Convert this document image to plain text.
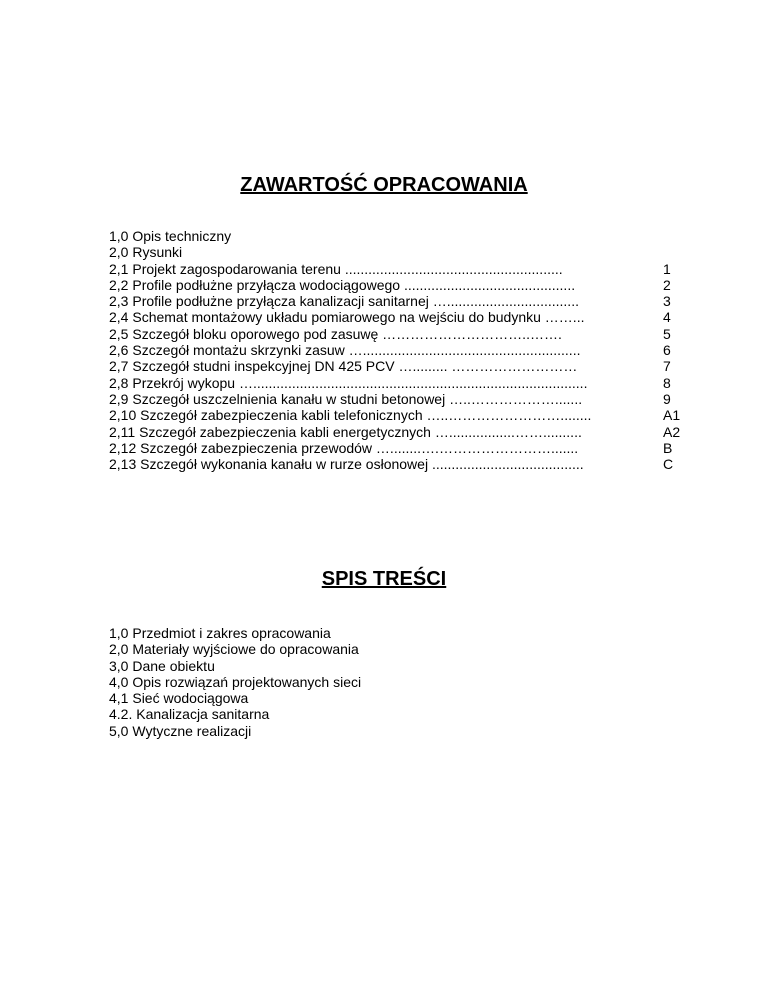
ZAWARTOŚĆ OPRACOWANIA
1,0 Opis techniczny
2,0 Rysunki
2,1 Projekt zagospodarowania terenu ........................................................	1
2,2 Profile podłużne przyłącza wodociągowego ............................................	2
2,3 Profile podłużne przyłącza kanalizacji sanitarnej …..................................	3
2,4 Schemat montażowy układu pomiarowego na wejściu do budynku ……...	4
2,5 Szczegół bloku oporowego pod zasuwę …………………………..…….	5
2,6 Szczegół montażu skrzynki zasuw …........................................................	6
2,7 Szczegół studni inspekcyjnej DN 425 PCV …......... ………………………	7
2,8 Przekrój wykopu …......................................................................................	8
2,9 Szczegół uszczelnienia kanału w studni betonowej …..……………….......	9
2,10 Szczegół zabezpieczenia kabli telefonicznych …..……………………........	A1
2,11 Szczegół zabezpieczenia kabli energetycznych ….................……..........	A2
2,12 Szczegół zabezpieczenia przewodów …........….…………………….......	B
2,13 Szczegół wykonania kanału w rurze osłonowej .......................................	C
SPIS TREŚCI
1,0 Przedmiot i zakres opracowania
2,0 Materiały wyjściowe do opracowania
3,0 Dane obiektu
4,0 Opis rozwiązań projektowanych sieci
4,1 Sieć wodociągowa
4.2. Kanalizacja sanitarna
5,0 Wytyczne realizacji
